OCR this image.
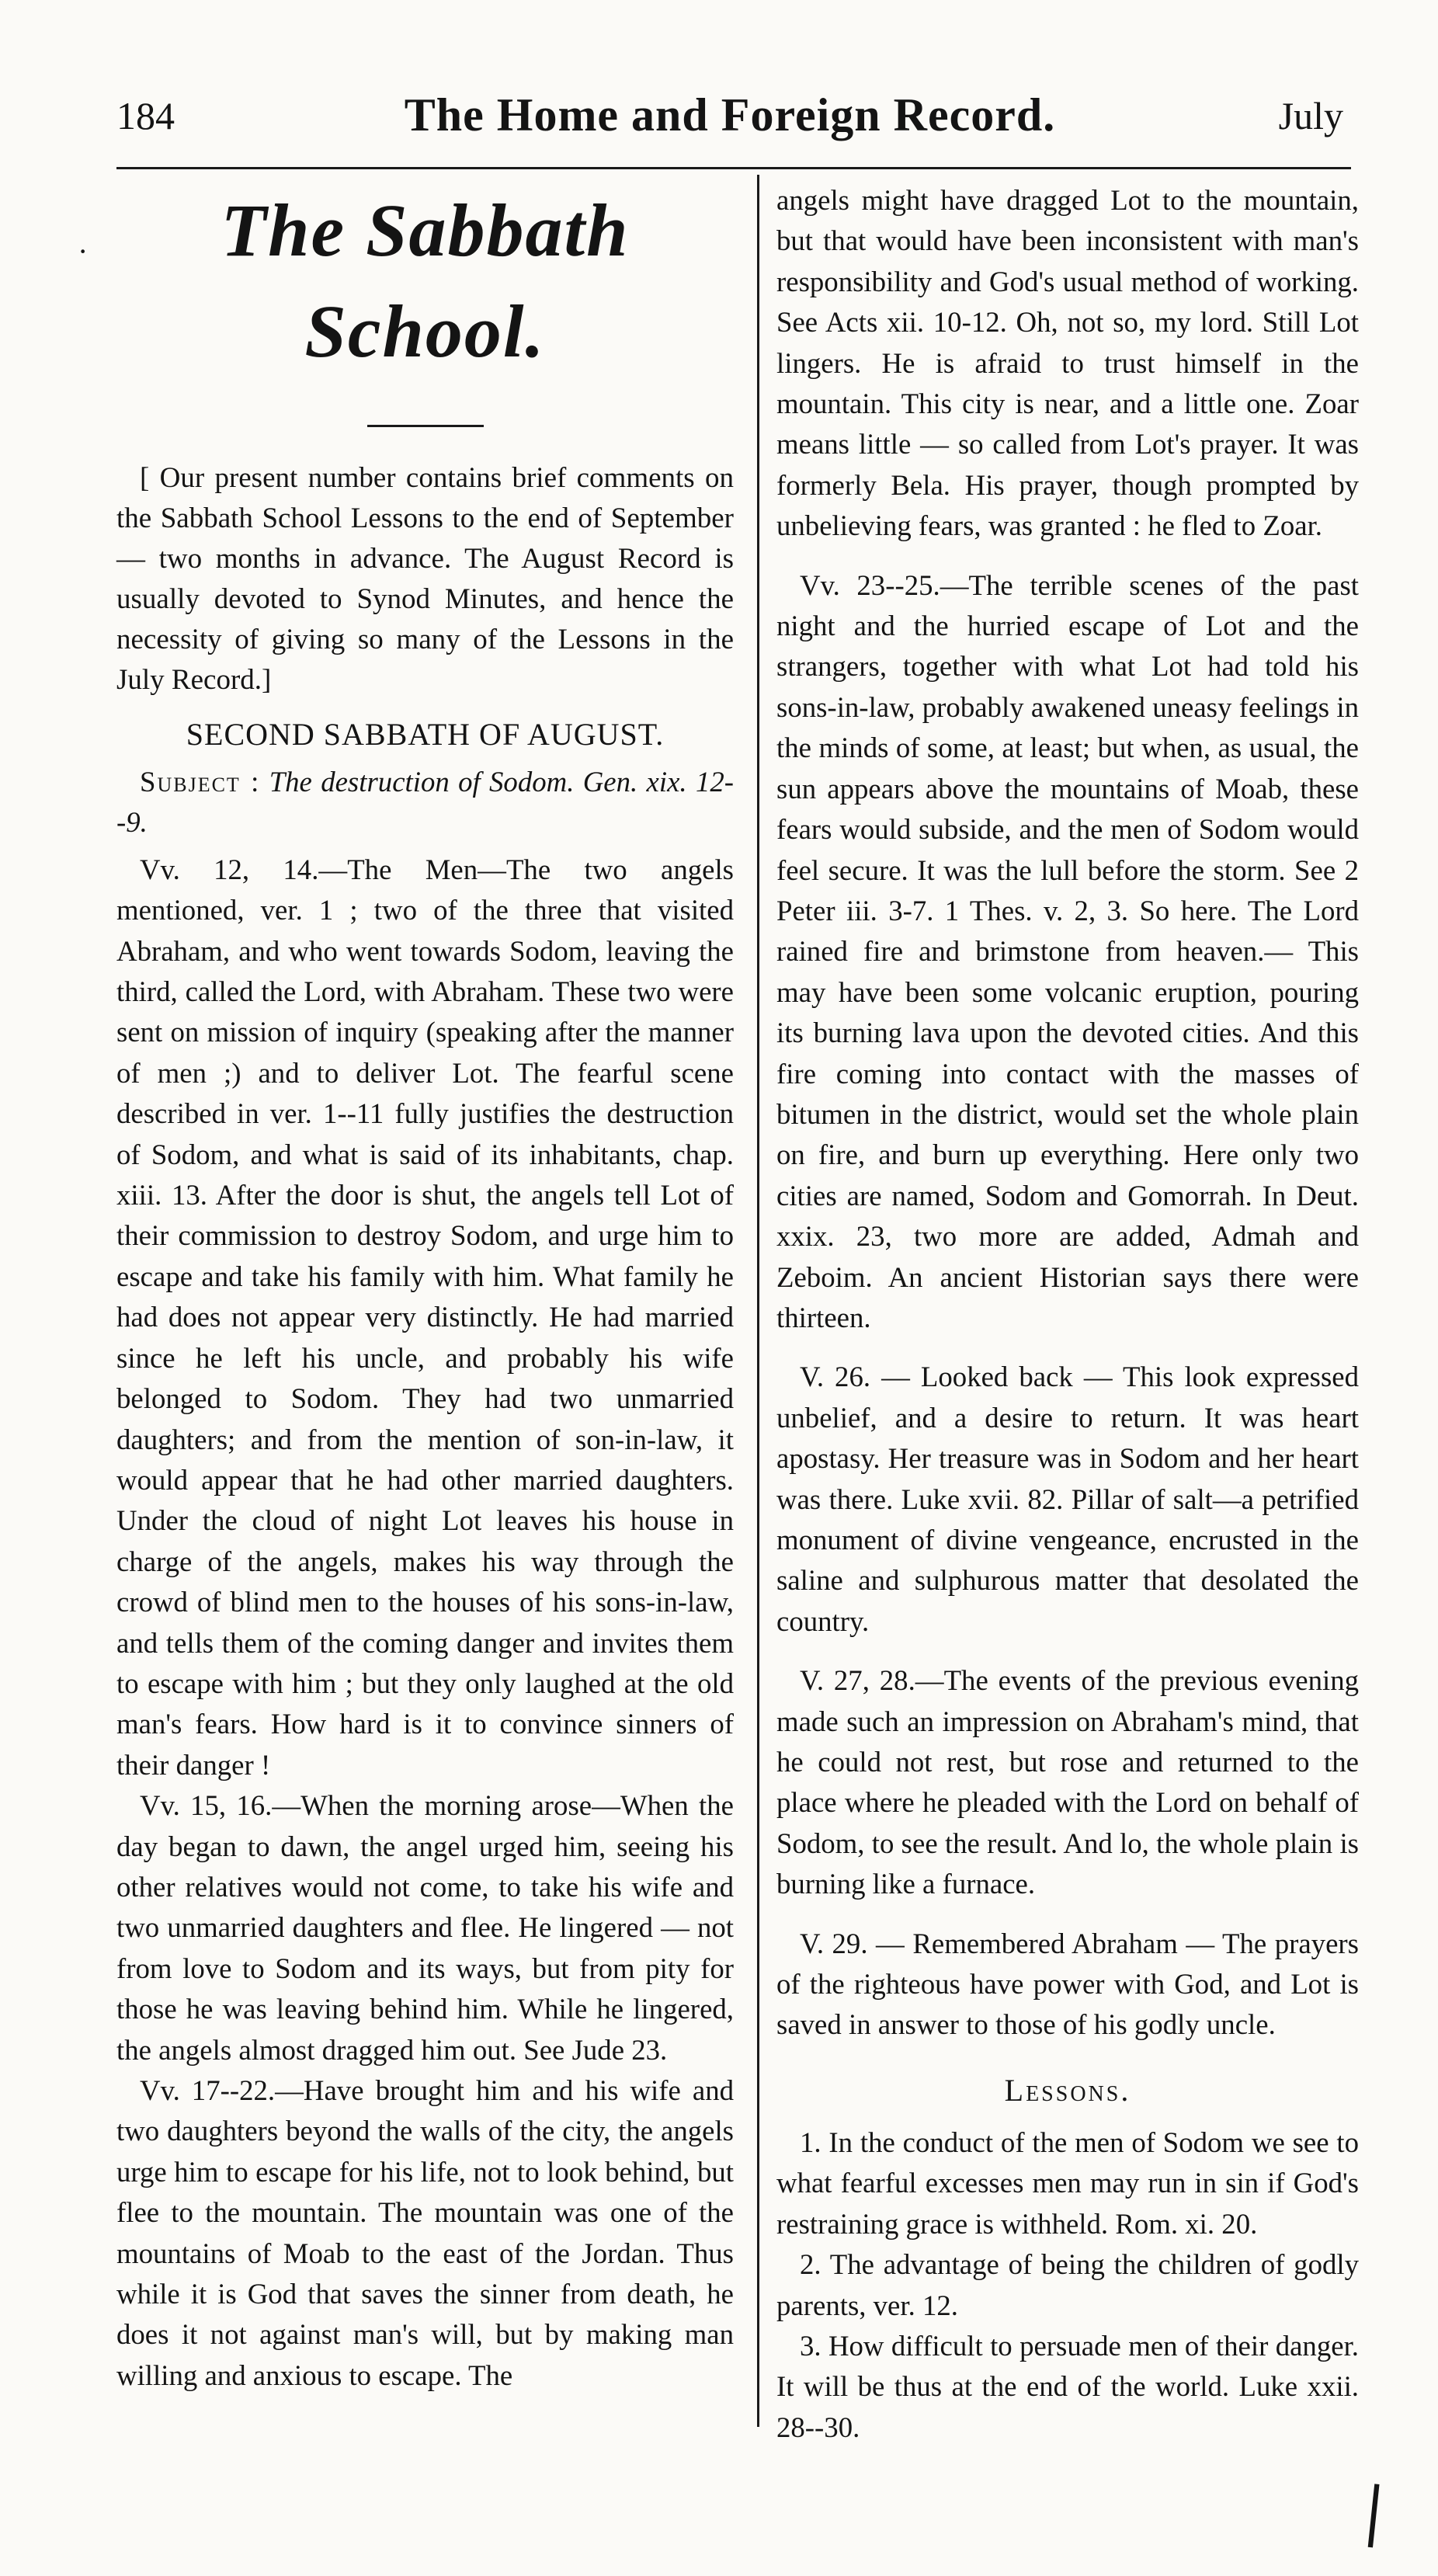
184	The Home and Foreign Record.	July
·	The Sabbath School.

[ Our present number contains brief comments on the Sabbath School Lessons to the end of September — two months in advance. The August Record is usually devoted to Synod Minutes, and hence the necessity of giving so many of the Lessons in the July Record.]

SECOND SABBATH OF AUGUST.

Subject : The destruction of Sodom. Gen. xix. 12--9.

Vv. 12, 14.—The Men—The two angels mentioned, ver. 1 ; two of the three that visited Abraham, and who went towards Sodom, leaving the third, called the Lord, with Abraham. These two were sent on mission of inquiry (speaking after the manner of men ;) and to deliver Lot. The fearful scene described in ver. 1--11 fully justifies the destruction of Sodom, and what is said of its inhabitants, chap. xiii. 13. After the door is shut, the angels tell Lot of their commission to destroy Sodom, and urge him to escape and take his family with him. What family he had does not appear very distinctly. He had married since he left his uncle, and probably his wife belonged to Sodom. They had two unmarried daughters; and from the mention of son-in-law, it would appear that he had other married daughters. Under the cloud of night Lot leaves his house in charge of the angels, makes his way through the crowd of blind men to the houses of his sons-in-law, and tells them of the coming danger and invites them to escape with him ; but they only laughed at the old man's fears. How hard is it to convince sinners of their danger !

Vv. 15, 16.—When the morning arose—When the day began to dawn, the angel urged him, seeing his other relatives would not come, to take his wife and two unmarried daughters and flee. He lingered — not from love to Sodom and its ways, but from pity for those he was leaving behind him. While he lingered, the angels almost dragged him out. See Jude 23.

Vv. 17--22.—Have brought him and his wife and two daughters beyond the walls of the city, the angels urge him to escape for his life, not to look behind, but flee to the mountain. The mountain was one of the mountains of Moab to the east of the Jordan. Thus while it is God that saves the sinner from death, he does it not against man's will, but by making man willing and anxious to escape. The

angels might have dragged Lot to the mountain, but that would have been inconsistent with man's responsibility and God's usual method of working. See Acts xii. 10-12. Oh, not so, my lord. Still Lot lingers. He is afraid to trust himself in the mountain. This city is near, and a little one. Zoar means little — so called from Lot's prayer. It was formerly Bela. His prayer, though prompted by unbelieving fears, was granted : he fled to Zoar.

Vv. 23--25.—The terrible scenes of the past night and the hurried escape of Lot and the strangers, together with what Lot had told his sons-in-law, probably awakened uneasy feelings in the minds of some, at least; but when, as usual, the sun appears above the mountains of Moab, these fears would subside, and the men of Sodom would feel secure. It was the lull before the storm. See 2 Peter iii. 3-7. 1 Thes. v. 2, 3. So here. The Lord rained fire and brimstone from heaven.— This may have been some volcanic eruption, pouring its burning lava upon the devoted cities. And this fire coming into contact with the masses of bitumen in the district, would set the whole plain on fire, and burn up everything. Here only two cities are named, Sodom and Gomorrah. In Deut. xxix. 23, two more are added, Admah and Zeboim. An ancient Historian says there were thirteen.

V. 26. — Looked back — This look expressed unbelief, and a desire to return. It was heart apostasy. Her treasure was in Sodom and her heart was there. Luke xvii. 82. Pillar of salt—a petrified monument of divine vengeance, encrusted in the saline and sulphurous matter that desolated the country.

V. 27, 28.—The events of the previous evening made such an impression on Abraham's mind, that he could not rest, but rose and returned to the place where he pleaded with the Lord on behalf of Sodom, to see the result. And lo, the whole plain is burning like a furnace.

V. 29. — Remembered Abraham — The prayers of the righteous have power with God, and Lot is saved in answer to those of his godly uncle.

Lessons.

1. In the conduct of the men of Sodom we see to what fearful excesses men may run in sin if God's restraining grace is withheld. Rom. xi. 20.

2. The advantage of being the children of godly parents, ver. 12.

3. How difficult to persuade men of their danger. It will be thus at the end of the world. Luke xxii. 28--30.

|
